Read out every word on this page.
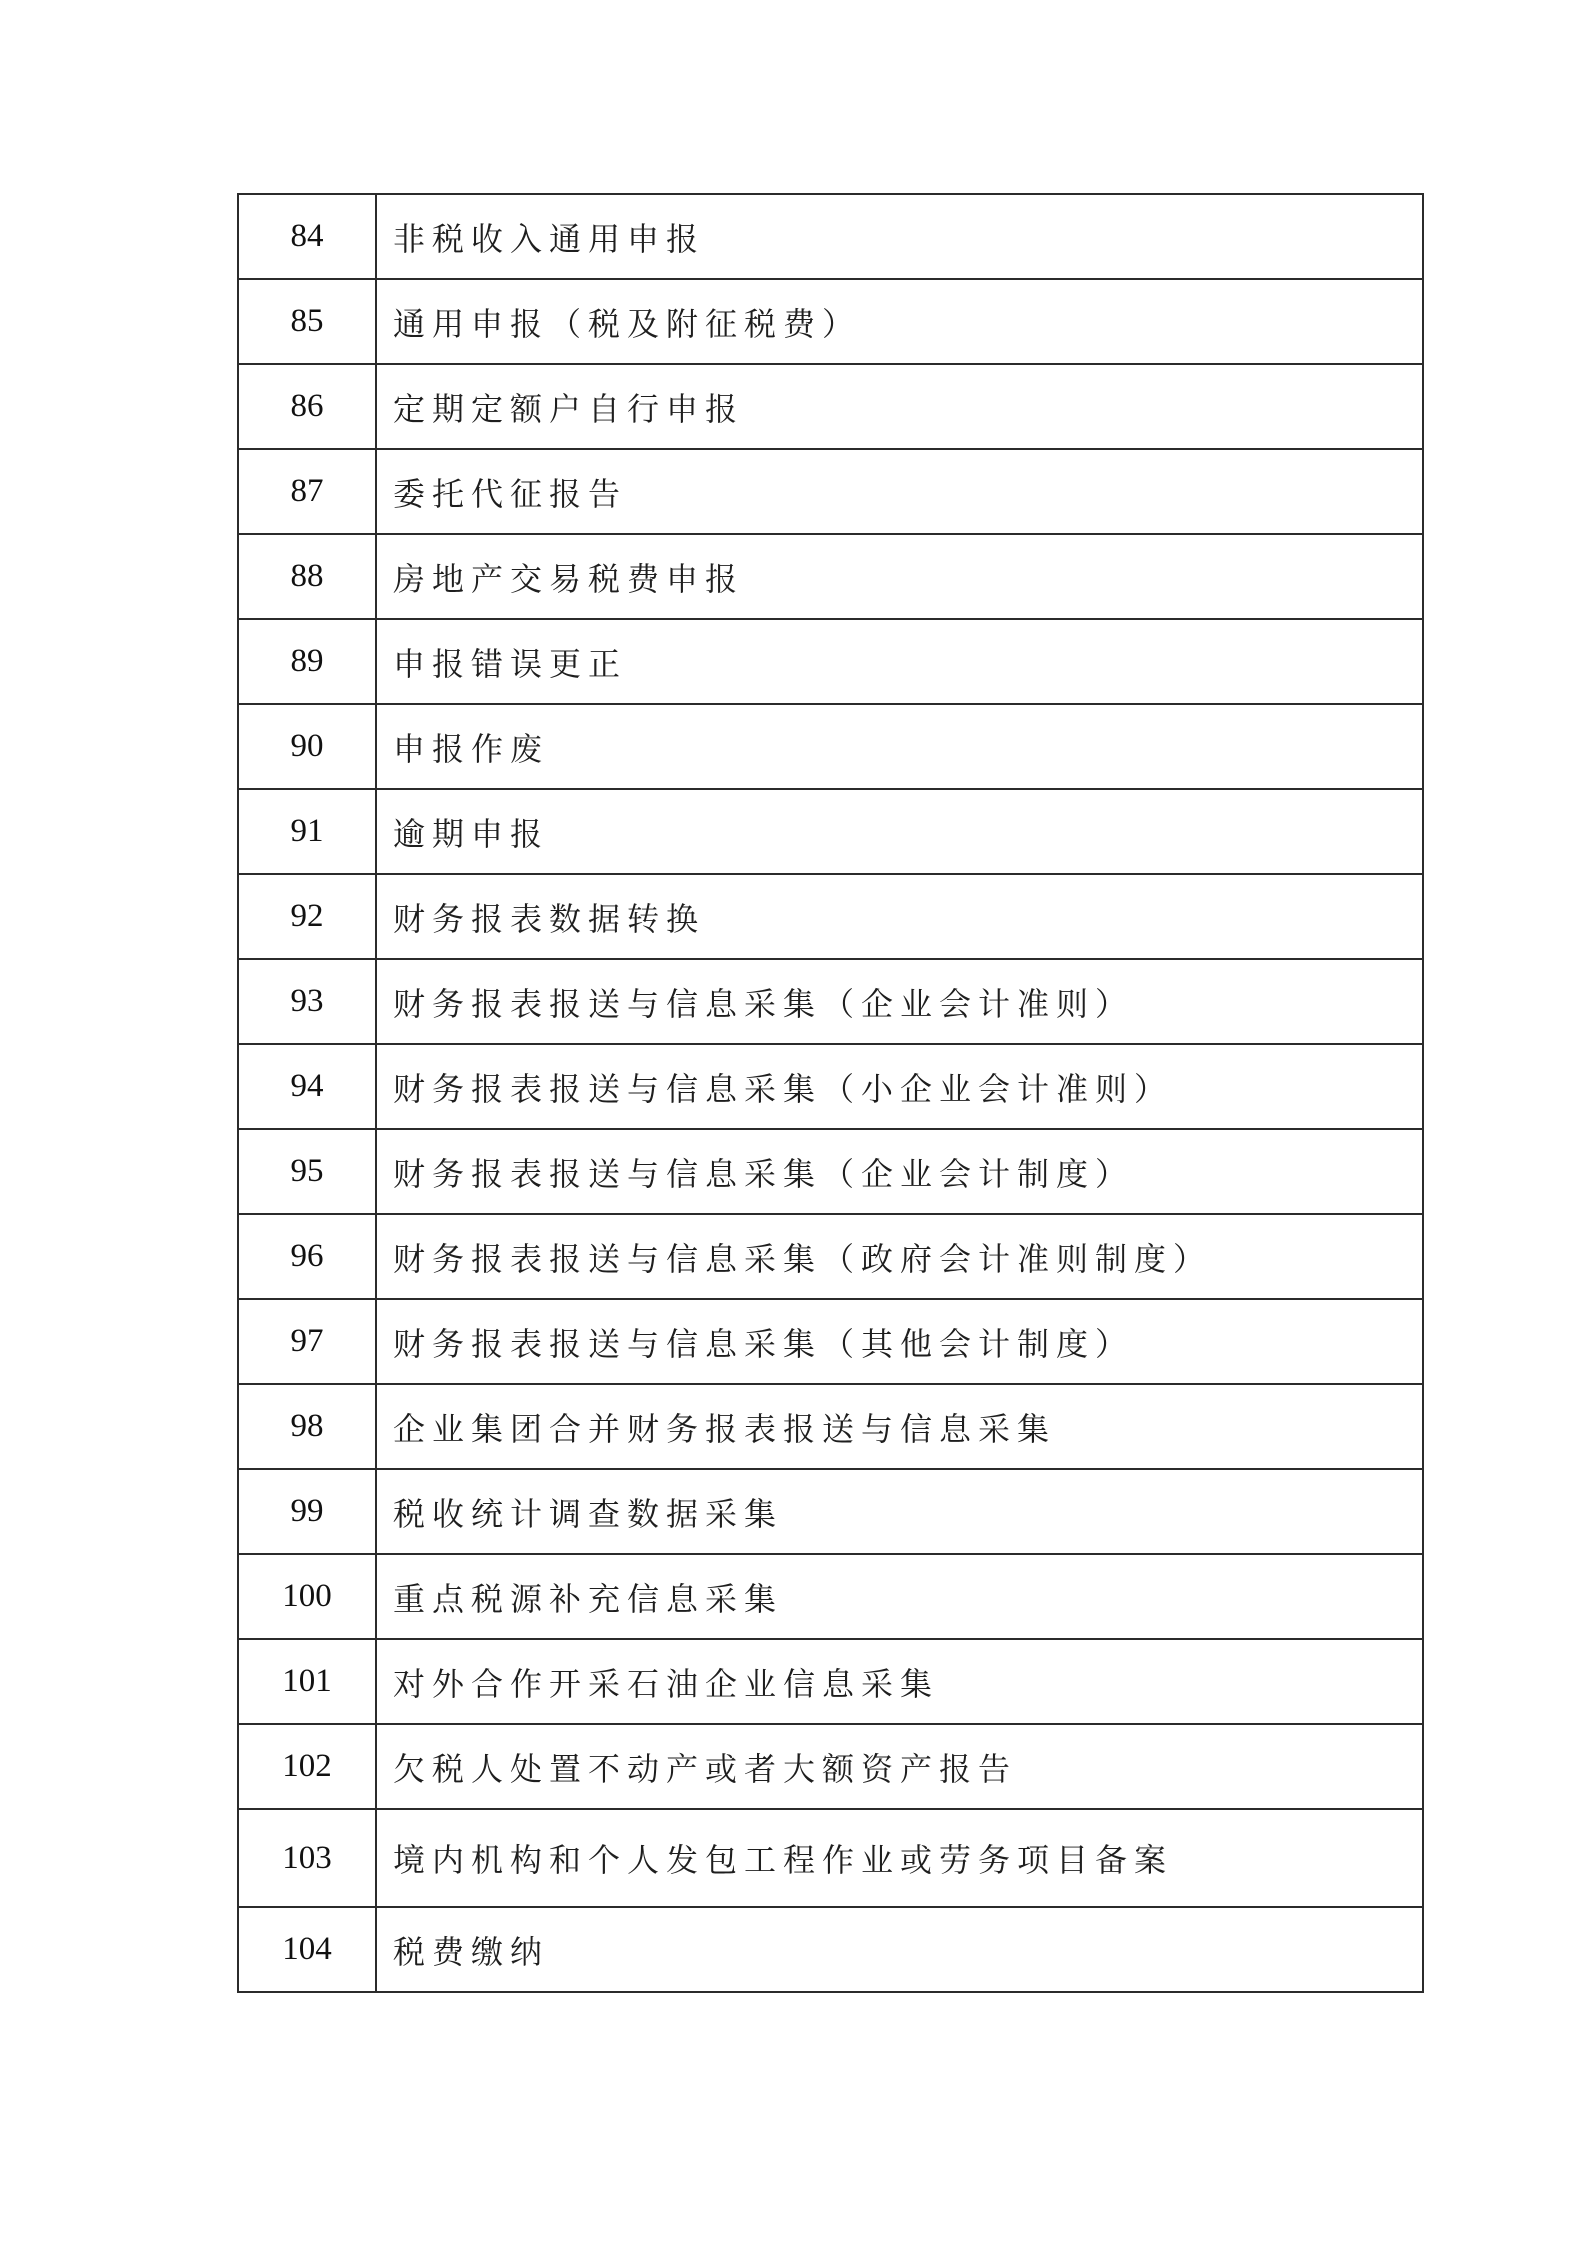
84	非税收入通用申报
85	通用申报（税及附征税费）
86	定期定额户自行申报
87	委托代征报告
88	房地产交易税费申报
89	申报错误更正
90	申报作废
91	逾期申报
92	财务报表数据转换
93	财务报表报送与信息采集（企业会计准则）
94	财务报表报送与信息采集（小企业会计准则）
95	财务报表报送与信息采集（企业会计制度）
96	财务报表报送与信息采集（政府会计准则制度）
97	财务报表报送与信息采集（其他会计制度）
98	企业集团合并财务报表报送与信息采集
99	税收统计调查数据采集
100	重点税源补充信息采集
101	对外合作开采石油企业信息采集
102	欠税人处置不动产或者大额资产报告
103	境内机构和个人发包工程作业或劳务项目备案
104	税费缴纳
